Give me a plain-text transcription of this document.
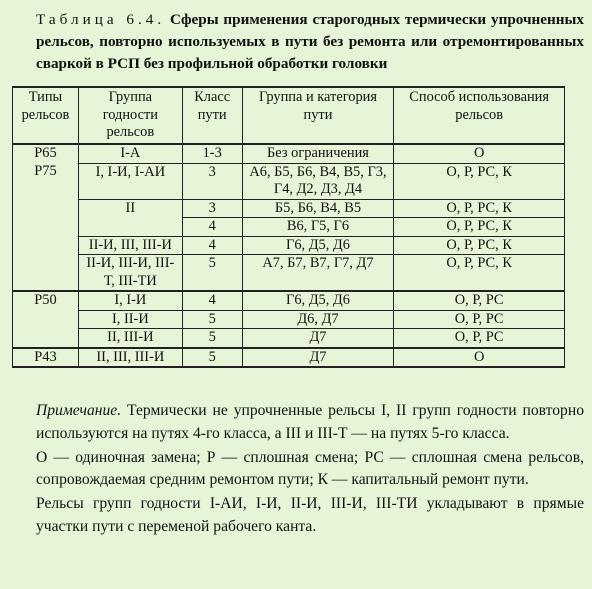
Таблица 6.4. Сферы применения старогодных термически упрочненных рельсов, повторно используемых в пути без ремонта или отремонтированных сваркой в РСП без профильной обработки головки
Типы рельсов	Группа годности рельсов	Класс пути	Группа и категория пути	Способ использования рельсов
Р65	I-А	1-3	Без ограничения	О
Р75	I, I-И, I-АИ	3	А6, Б5, Б6, В4, В5, Г3, Г4, Д2, Д3, Д4	О, Р, РС, К
	II	3	Б5, Б6, В4, В5	О, Р, РС, К
		4	В6, Г5, Г6	О, Р, РС, К
	II-И, III, III-И	4	Г6, Д5, Д6	О, Р, РС, К
	II-И, III-И, III-Т, III-ТИ	5	А7, Б7, В7, Г7, Д7	О, Р, РС, К
Р50	I, I-И	4	Г6, Д5, Д6	О, Р, РС
	I, II-И	5	Д6, Д7	О, Р, РС
	II, III-И	5	Д7	О, Р, РС
Р43	II, III, III-И	5	Д7	О

Примечание. Термически не упрочненные рельсы I, II групп годности повторно используются на путях 4-го класса, а III и III-Т — на путях 5-го класса.

О — одиночная замена; Р — сплошная смена; РС — сплошная смена рельсов, сопровождаемая средним ремонтом пути; К — капитальный ремонт пути.

Рельсы групп годности I-АИ, I-И, II-И, III-И, III-ТИ укладывают в прямые участки пути с переменой рабочего канта.
